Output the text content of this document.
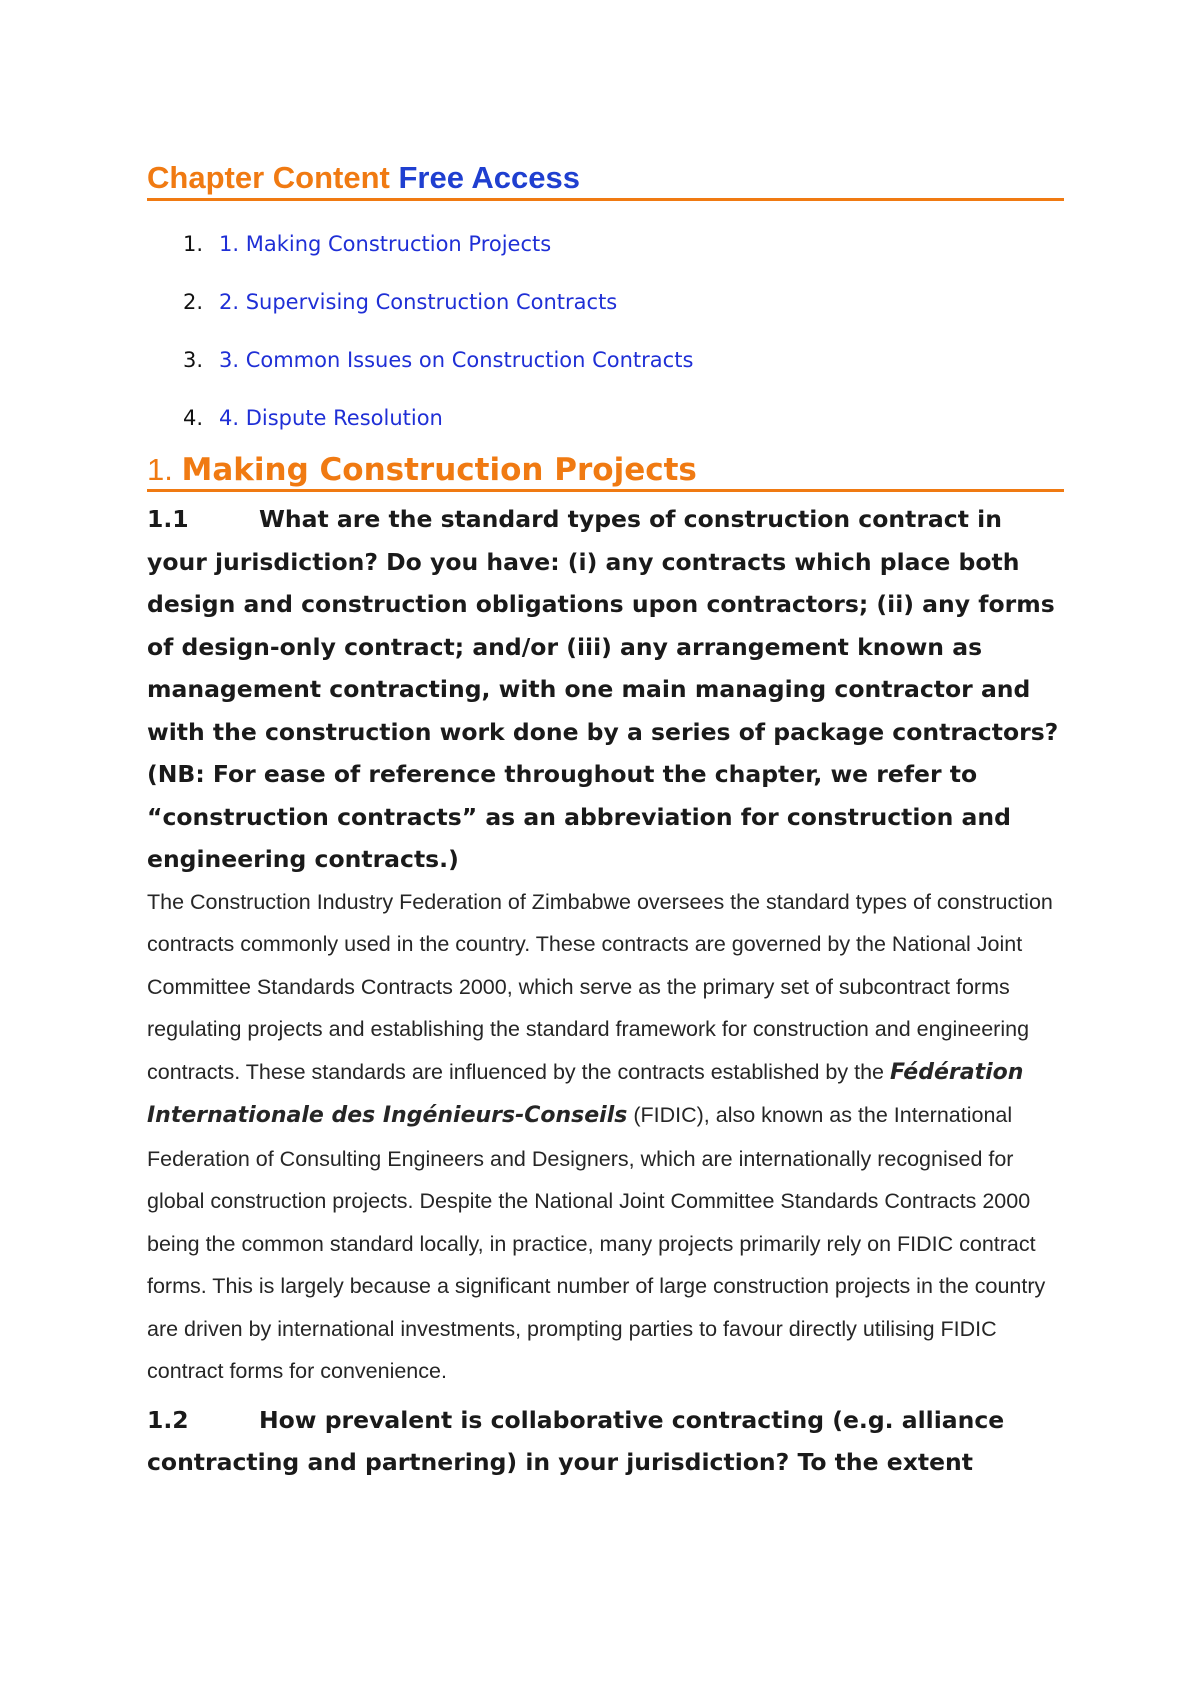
Chapter Content Free Access
1. 1. Making Construction Projects
2. 2. Supervising Construction Contracts
3. 3. Common Issues on Construction Contracts
4. 4. Dispute Resolution
1. Making Construction Projects

1.1	What are the standard types of construction contract in your jurisdiction? Do you have: (i) any contracts which place both design and construction obligations upon contractors; (ii) any forms of design-only contract; and/or (iii) any arrangement known as management contracting, with one main managing contractor and with the construction work done by a series of package contractors? (NB: For ease of reference throughout the chapter, we refer to “construction contracts” as an abbreviation for construction and engineering contracts.)

The Construction Industry Federation of Zimbabwe oversees the standard types of construction contracts commonly used in the country. These contracts are governed by the National Joint Committee Standards Contracts 2000, which serve as the primary set of subcontract forms regulating projects and establishing the standard framework for construction and engineering contracts. These standards are influenced by the contracts established by the Fédération Internationale des Ingénieurs-Conseils (FIDIC), also known as the International Federation of Consulting Engineers and Designers, which are internationally recognised for global construction projects. Despite the National Joint Committee Standards Contracts 2000 being the common standard locally, in practice, many projects primarily rely on FIDIC contract forms. This is largely because a significant number of large construction projects in the country are driven by international investments, prompting parties to favour directly utilising FIDIC contract forms for convenience.

1.2	How prevalent is collaborative contracting (e.g. alliance contracting and partnering) in your jurisdiction? To the extent
